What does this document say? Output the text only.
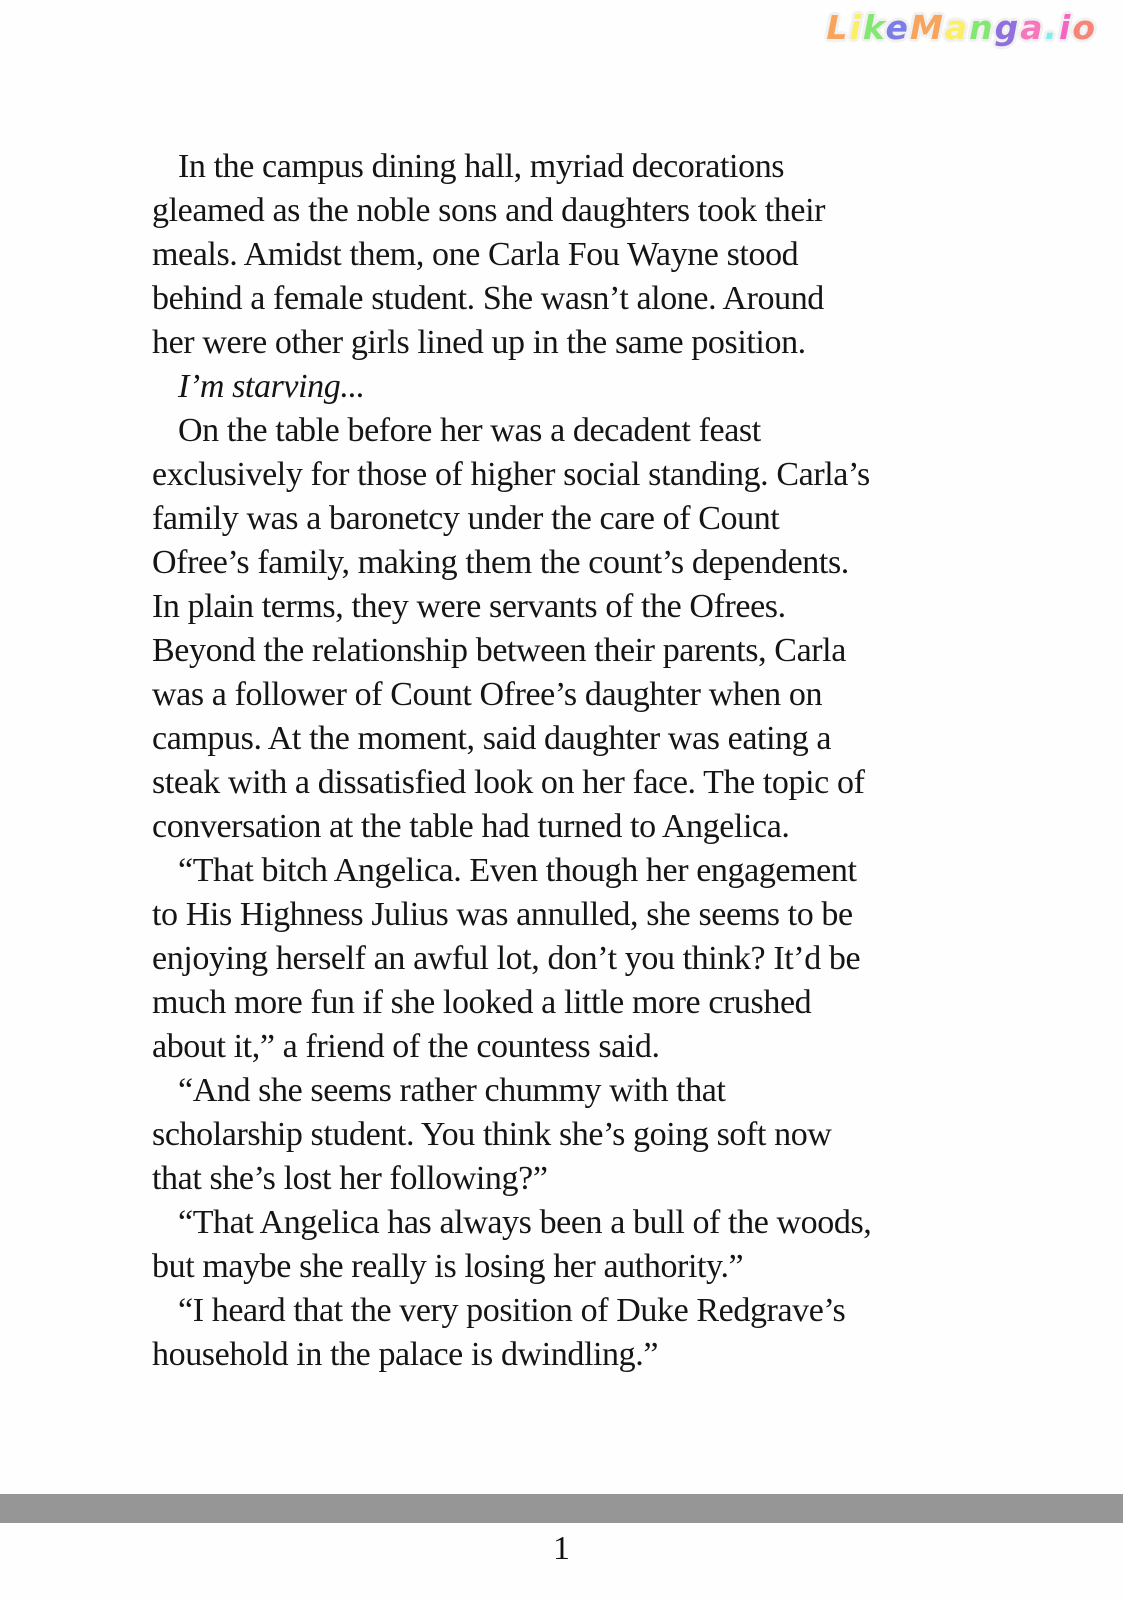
LikeManga.io
In the campus dining hall, myriad decorations
gleamed as the noble sons and daughters took their
meals. Amidst them, one Carla Fou Wayne stood
behind a female student. She wasn’t alone. Around
her were other girls lined up in the same position.
I’m starving...
On the table before her was a decadent feast
exclusively for those of higher social standing. Carla’s
family was a baronetcy under the care of Count
Ofree’s family, making them the count’s dependents.
In plain terms, they were servants of the Ofrees.
Beyond the relationship between their parents, Carla
was a follower of Count Ofree’s daughter when on
campus. At the moment, said daughter was eating a
steak with a dissatisfied look on her face. The topic of
conversation at the table had turned to Angelica.
“That bitch Angelica. Even though her engagement
to His Highness Julius was annulled, she seems to be
enjoying herself an awful lot, don’t you think? It’d be
much more fun if she looked a little more crushed
about it,” a friend of the countess said.
“And she seems rather chummy with that
scholarship student. You think she’s going soft now
that she’s lost her following?”
“That Angelica has always been a bull of the woods,
but maybe she really is losing her authority.”
“I heard that the very position of Duke Redgrave’s
household in the palace is dwindling.”
1
